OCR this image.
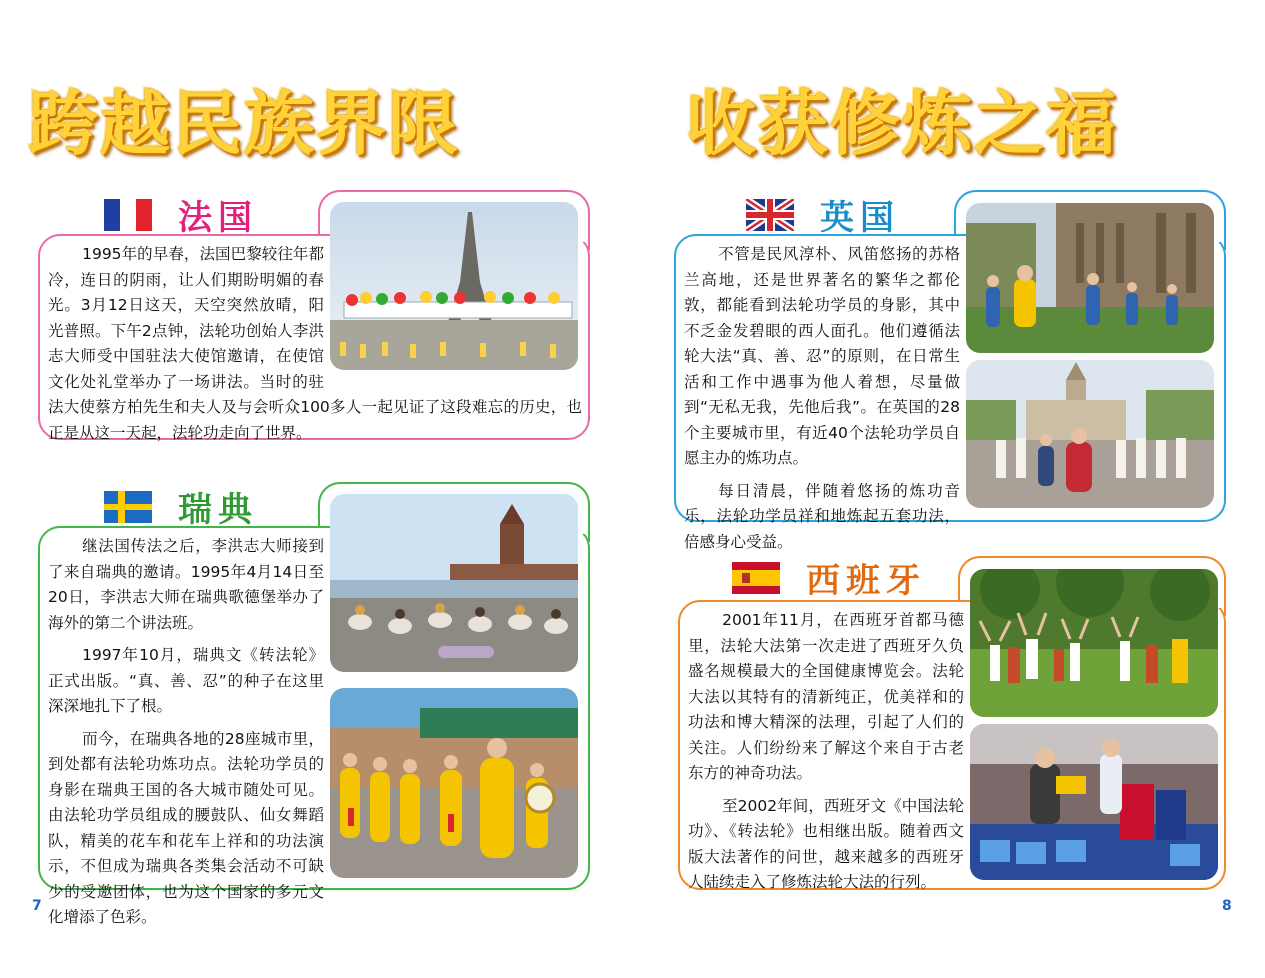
跨越民族界限
法国

1995年的早春，法国巴黎较往年都冷，连日的阴雨，让人们期盼明媚的春光。3月12日这天，天空突然放晴，阳光普照。下午2点钟，法轮功创始人李洪志大师受中国驻法大使馆邀请，在使馆文化处礼堂举办了一场讲法。当时的驻法大使蔡方柏先生和夫人及与会听众100多人一起见证了这段难忘的历史，也正是从这一天起，法轮功走向了世界。

瑞典

继法国传法之后，李洪志大师接到了来自瑞典的邀请。1995年4月14日至20日，李洪志大师在瑞典歌德堡举办了海外的第二个讲法班。

1997年10月，瑞典文《转法轮》正式出版。“真、善、忍”的种子在这里深深地扎下了根。

而今，在瑞典各地的28座城市里，到处都有法轮功炼功点。法轮功学员的身影在瑞典王国的各大城市随处可见。由法轮功学员组成的腰鼓队、仙女舞蹈队，精美的花车和花车上祥和的功法演示，不但成为瑞典各类集会活动不可缺少的受邀团体，也为这个国家的多元文化增添了色彩。

7
收获修炼之福
英国

不管是民风淳朴、风笛悠扬的苏格兰高地，还是世界著名的繁华之都伦敦，都能看到法轮功学员的身影，其中不乏金发碧眼的西人面孔。他们遵循法轮大法“真、善、忍”的原则，在日常生活和工作中遇事为他人着想，尽量做到“无私无我，先他后我”。在英国的28个主要城市里，有近40个法轮功学员自愿主办的炼功点。

每日清晨，伴随着悠扬的炼功音乐，法轮功学员祥和地炼起五套功法，倍感身心受益。

西班牙

2001年11月，在西班牙首都马德里，法轮大法第一次走进了西班牙久负盛名规模最大的全国健康博览会。法轮大法以其特有的清新纯正，优美祥和的功法和博大精深的法理，引起了人们的关注。人们纷纷来了解这个来自于古老东方的神奇功法。

至2002年间，西班牙文《中国法轮功》、《转法轮》也相继出版。随着西文版大法著作的问世，越来越多的西班牙人陆续走入了修炼法轮大法的行列。

8
